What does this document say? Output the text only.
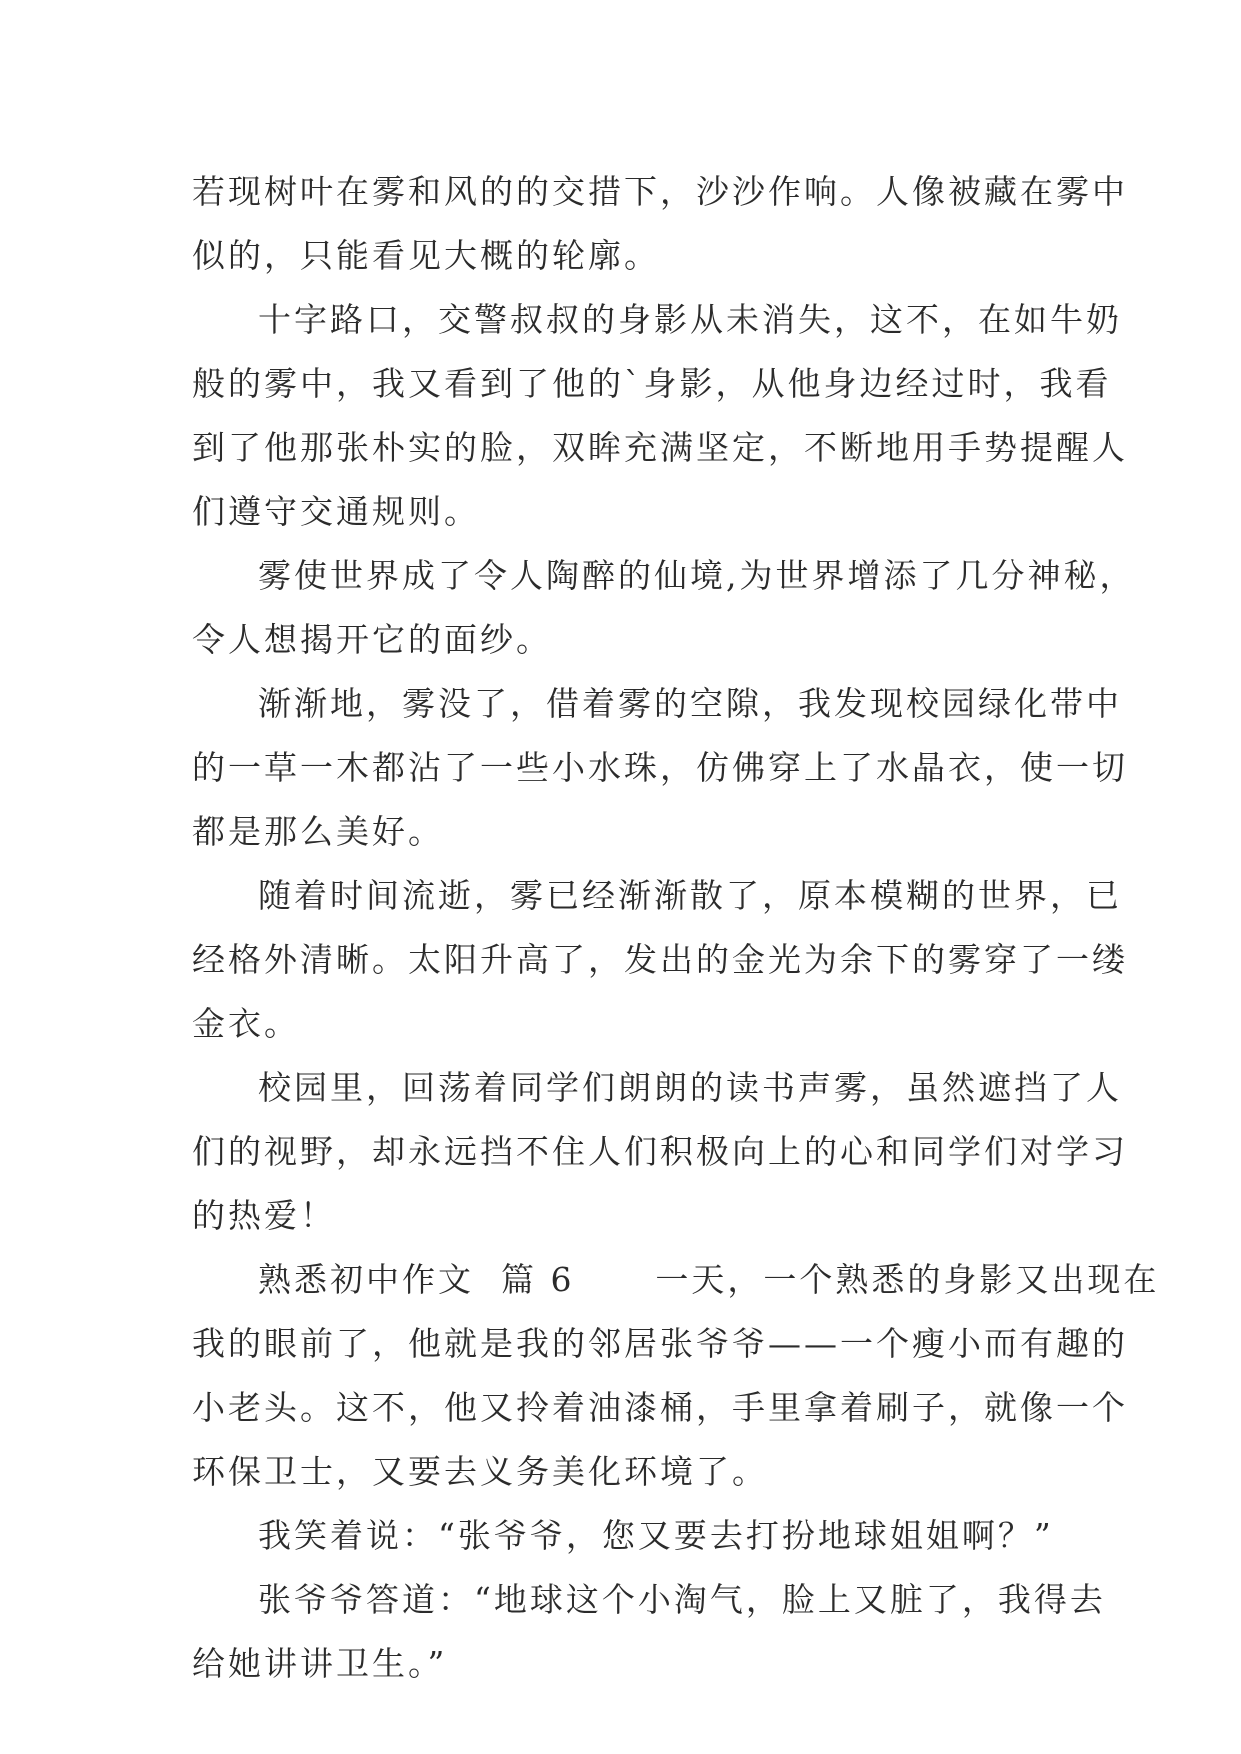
若现树叶在雾和风的的交措下，沙沙作响。人像被藏在雾中
似的，只能看见大概的轮廓。
十字路口，交警叔叔的身影从未消失，这不，在如牛奶
般的雾中，我又看到了他的`身影，从他身边经过时，我看
到了他那张朴实的脸，双眸充满坚定，不断地用手势提醒人
们遵守交通规则。
雾使世界成了令人陶醉的仙境,为世界增添了几分神秘，
令人想揭开它的面纱。
渐渐地，雾没了，借着雾的空隙，我发现校园绿化带中
的一草一木都沾了一些小水珠，仿佛穿上了水晶衣，使一切
都是那么美好。
随着时间流逝，雾已经渐渐散了，原本模糊的世界，已
经格外清晰。太阳升高了，发出的金光为余下的雾穿了一缕
金衣。
校园里，回荡着同学们朗朗的读书声雾，虽然遮挡了人
们的视野，却永远挡不住人们积极向上的心和同学们对学习
的热爱！
熟悉初中作文  篇 6      一天，一个熟悉的身影又出现在
我的眼前了，他就是我的邻居张爷爷——一个瘦小而有趣的
小老头。这不，他又拎着油漆桶，手里拿着刷子，就像一个
环保卫士，又要去义务美化环境了。
我笑着说：“张爷爷，您又要去打扮地球姐姐啊？”
张爷爷答道：“地球这个小淘气，脸上又脏了，我得去
给她讲讲卫生。”
